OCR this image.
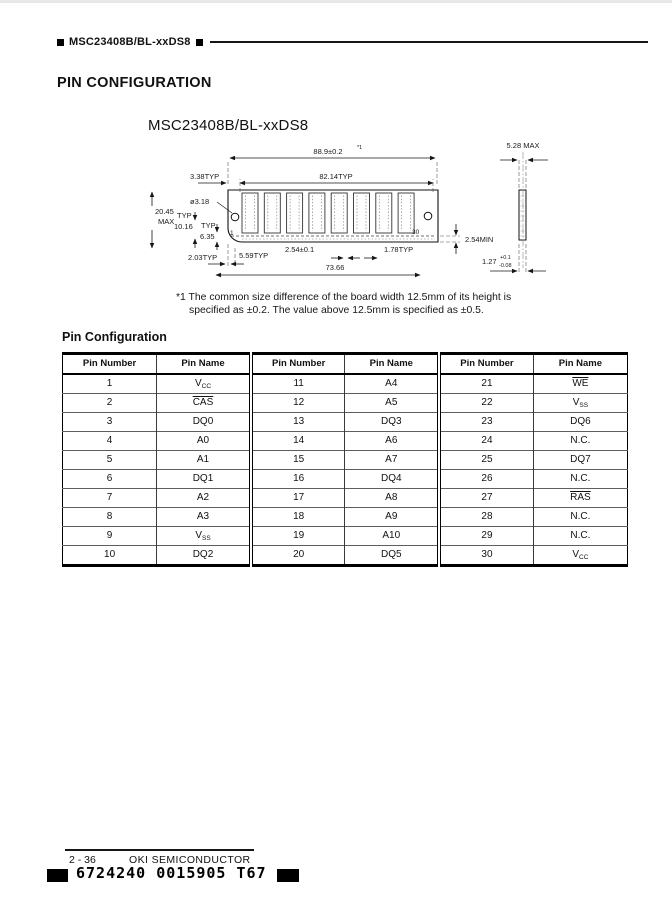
MSC23408B/BL-xxDS8
PIN CONFIGURATION
MSC23408B/BL-xxDS8
88.9±0.2	*1
3.38TYP	82.14TYP
5.28 MAX
20.45
MAX
TYP
10.16 TYP
6.35
ø3.18
1	30
2.03TYP	5.59TYP
2.54±0.1	1.78TYP
73.66
2.54MIN
1.27 +0.1
-0.08
*1 The common size difference of the board width 12.5mm of its height is
specified as ±0.2. The value above 12.5mm is specified as ±0.5.
Pin Configuration
Pin Number	Pin Name	Pin Number	Pin Name	Pin Number	Pin Name
1	$V_{CC}$	11	A4	21	$\overline{WE}$
2	$\overline{CAS}$	12	A5	22	$V_{SS}$
3	DQ0	13	DQ3	23	DQ6
4	A0	14	A6	24	N.C.
5	A1	15	A7	25	DQ7
6	DQ1	16	DQ4	26	N.C.
7	A2	17	A8	27	$\overline{RAS}$
8	A3	18	A9	28	N.C.
9	$V_{SS}$	19	A10	29	N.C.
10	DQ2	20	DQ5	30	$V_{CC}$
2 - 36	OKI SEMICONDUCTOR
6724240 0015905 T67
